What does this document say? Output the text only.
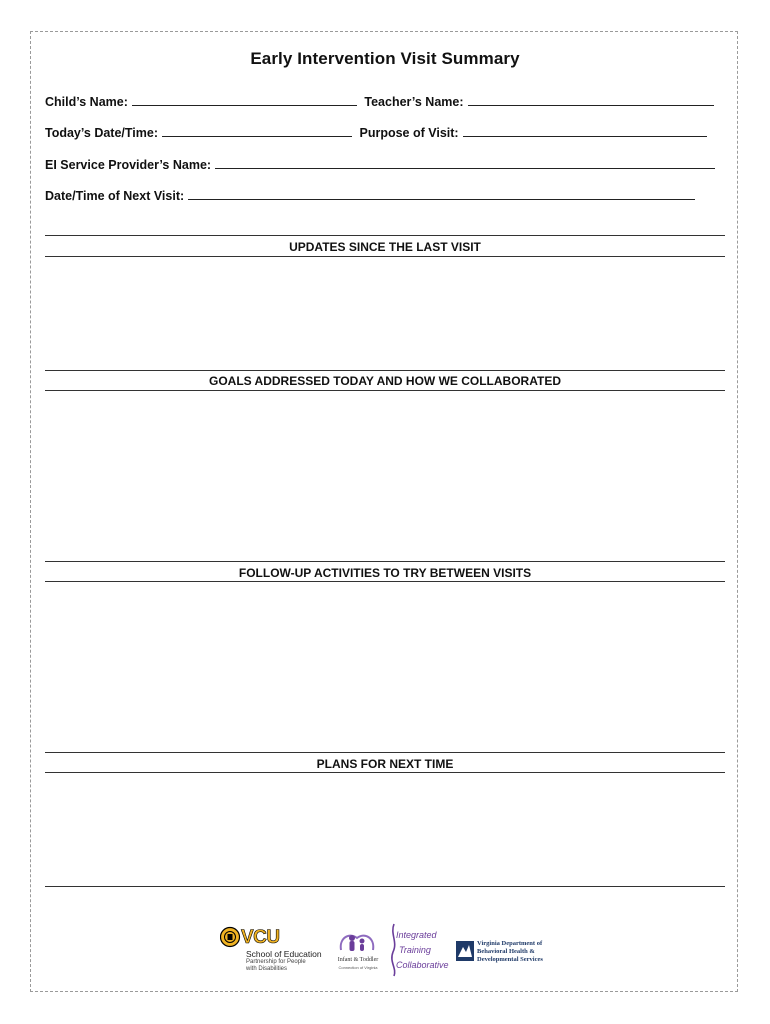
Early Intervention Visit Summary
Child’s Name:	Teacher’s Name:
Today’s Date/Time:	Purpose of Visit:
EI Service Provider’s Name:
Date/Time of Next Visit:
UPDATES SINCE THE LAST VISIT
GOALS ADDRESSED TODAY AND HOW WE COLLABORATED
FOLLOW-UP ACTIVITIES TO TRY BETWEEN VISITS
PLANS FOR NEXT TIME
VCU
School of Education
Partnership for People
with Disabilities
Infant & Toddler
Connection of Virginia
Integrated
Training
Collaborative
Virginia Department of
Behavioral Health &
Developmental Services
